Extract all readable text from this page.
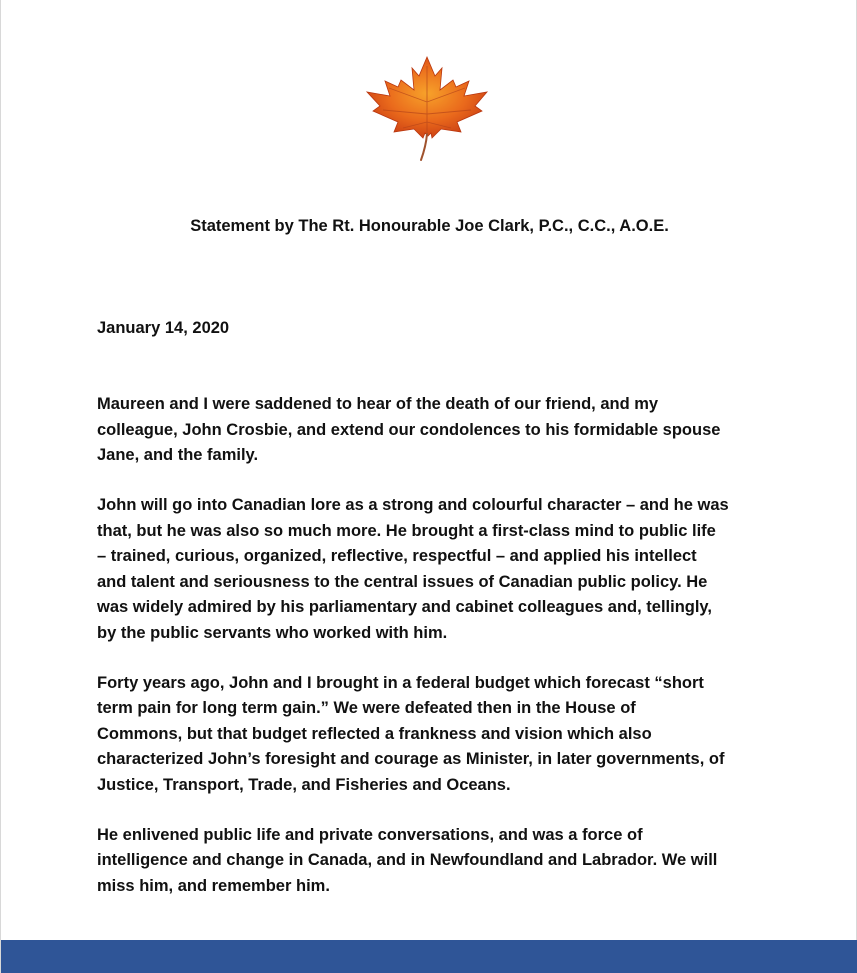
Statement by The Rt. Honourable Joe Clark, P.C., C.C., A.O.E.
January 14, 2020

Maureen and I were saddened to hear of the death of our friend, and my
colleague, John Crosbie, and extend our condolences to his formidable spouse
Jane, and the family.

John will go into Canadian lore as a strong and colourful character – and he was
that, but he was also so much more. He brought a first-class mind to public life
– trained, curious, organized, reflective, respectful – and applied his intellect
and talent and seriousness to the central issues of Canadian public policy. He
was widely admired by his parliamentary and cabinet colleagues and, tellingly,
by the public servants who worked with him.

Forty years ago, John and I brought in a federal budget which forecast “short
term pain for long term gain.” We were defeated then in the House of
Commons, but that budget reflected a frankness and vision which also
characterized John’s foresight and courage as Minister, in later governments, of
Justice, Transport, Trade, and Fisheries and Oceans.

He enlivened public life and private conversations, and was a force of
intelligence and change in Canada, and in Newfoundland and Labrador. We will
miss him, and remember him.
